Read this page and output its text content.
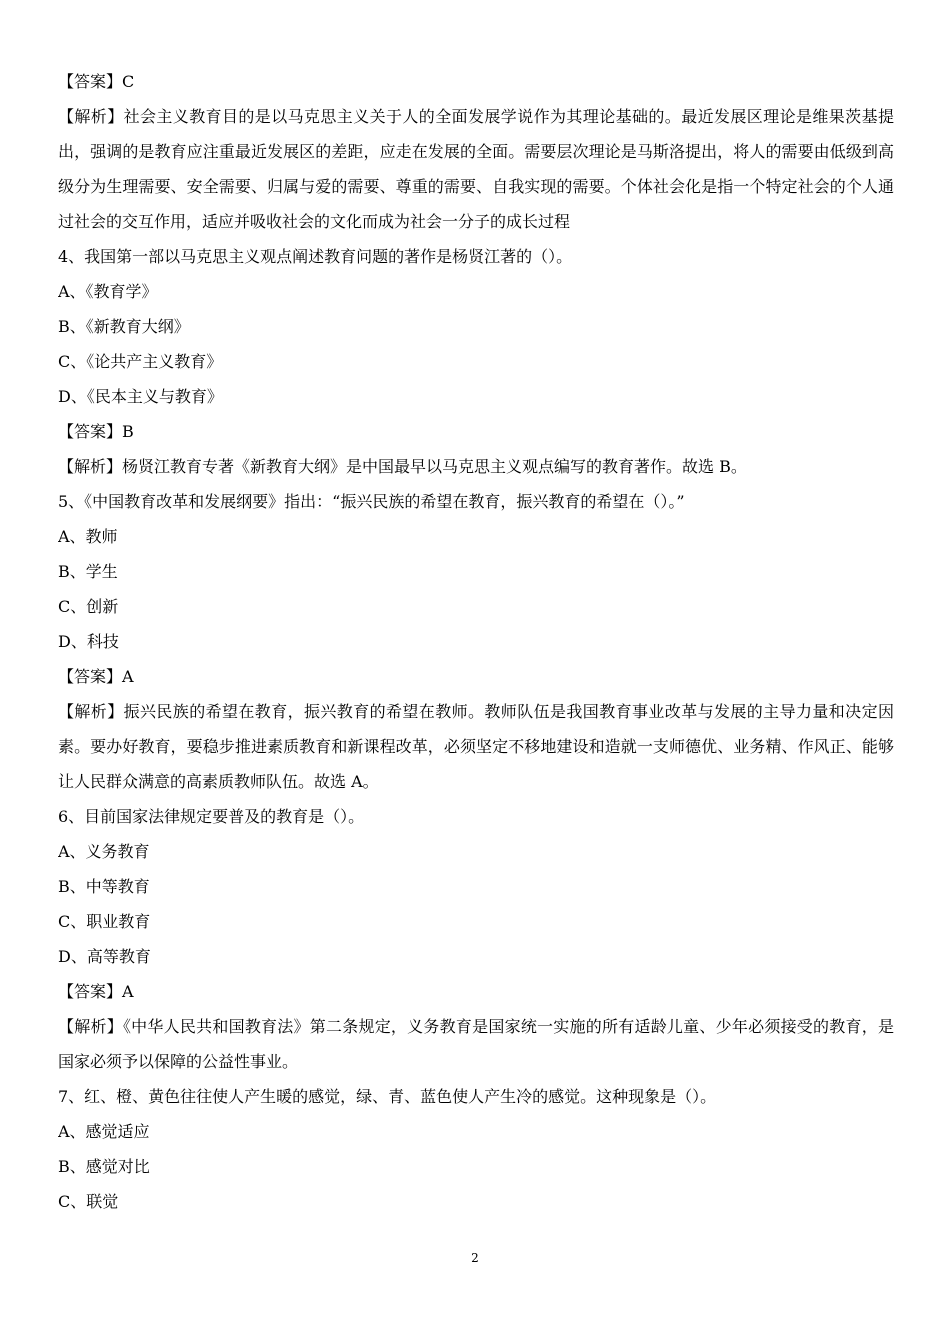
【答案】C

【解析】社会主义教育目的是以马克思主义关于人的全面发展学说作为其理论基础的。最近发展区理论是维果茨基提出，强调的是教育应注重最近发展区的差距，应走在发展的全面。需要层次理论是马斯洛提出，将人的需要由低级到高级分为生理需要、安全需要、归属与爱的需要、尊重的需要、自我实现的需要。个体社会化是指一个特定社会的个人通过社会的交互作用，适应并吸收社会的文化而成为社会一分子的成长过程

4、我国第一部以马克思主义观点阐述教育问题的著作是杨贤江著的（）。
A、《教育学》
B、《新教育大纲》
C、《论共产主义教育》
D、《民本主义与教育》
【答案】B

【解析】杨贤江教育专著《新教育大纲》是中国最早以马克思主义观点编写的教育著作。故选 B。

5、《中国教育改革和发展纲要》指出：“振兴民族的希望在教育，振兴教育的希望在（）。”
A、教师
B、学生
C、创新
D、科技
【答案】A

【解析】振兴民族的希望在教育，振兴教育的希望在教师。教师队伍是我国教育事业改革与发展的主导力量和决定因素。要办好教育，要稳步推进素质教育和新课程改革，必须坚定不移地建设和造就一支师德优、业务精、作风正、能够让人民群众满意的高素质教师队伍。故选 A。

6、目前国家法律规定要普及的教育是（）。
A、义务教育
B、中等教育
C、职业教育
D、高等教育
【答案】A

【解析】《中华人民共和国教育法》第二条规定，义务教育是国家统一实施的所有适龄儿童、少年必须接受的教育，是国家必须予以保障的公益性事业。

7、红、橙、黄色往往使人产生暖的感觉，绿、青、蓝色使人产生冷的感觉。这种现象是（）。
A、感觉适应
B、感觉对比
C、联觉
2
